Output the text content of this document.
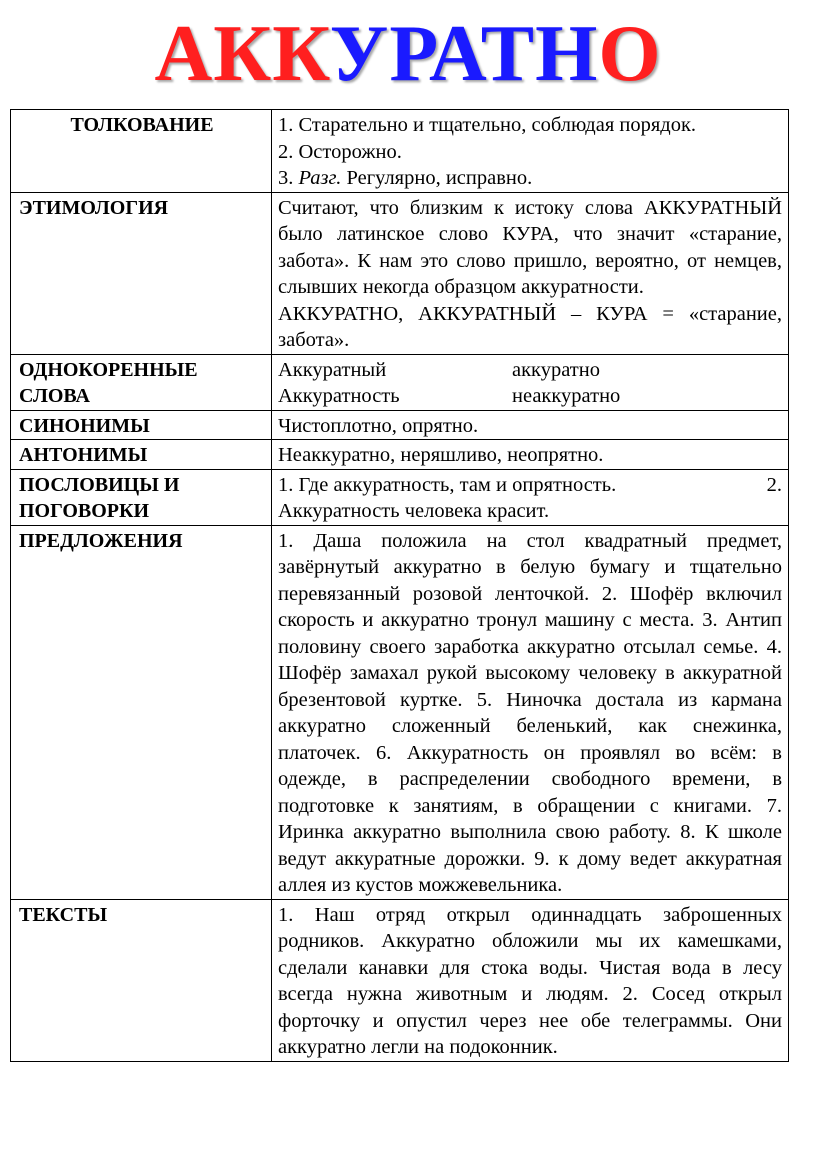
АККУРАТНО
ТОЛКОВАНИЕ	1. Старательно и тщательно, соблюдая порядок.
2. Осторожно.
3. Разг. Регулярно, исправно.

ЭТИМОЛОГИЯ	Считают, что близким к истоку слова АККУРАТНЫЙ было латинское слово КУРА, что значит «старание, забота». К нам это слово пришло, вероятно, от немцев, слывших некогда образцом аккуратности.
АККУРАТНО, АККУРАТНЫЙ – КУРА = «старание, забота».

ОДНОКОРЕННЫЕ СЛОВА	Аккуратный аккуратно
Аккуратность неаккуратно

СИНОНИМЫ	Чистоплотно, опрятно.
АНТОНИМЫ	Неаккуратно, неряшливо, неопрятно.
ПОСЛОВИЦЫ И ПОГОВОРКИ	1. Где аккуратность, там и опрятность. 2.
Аккуратность человека красит.

ПРЕДЛОЖЕНИЯ	1. Даша положила на стол квадратный предмет, завёрнутый аккуратно в белую бумагу и тщательно перевязанный розовой ленточкой. 2. Шофёр включил скорость и аккуратно тронул машину с места. 3. Антип половину своего заработка аккуратно отсылал семье. 4. Шофёр замахал рукой высокому человеку в аккуратной брезентовой куртке. 5. Ниночка достала из кармана аккуратно сложенный беленький, как снежинка, платочек. 6. Аккуратность он проявлял во всём: в одежде, в распределении свободного времени, в подготовке к занятиям, в обращении с книгами. 7. Иринка аккуратно выполнила свою работу. 8. К школе ведут аккуратные дорожки. 9. к дому ведет аккуратная аллея из кустов можжевельника.
ТЕКСТЫ	1. Наш отряд открыл одиннадцать заброшенных родников. Аккуратно обложили мы их камешками, сделали канавки для стока воды. Чистая вода в лесу всегда нужна животным и людям. 2. Сосед открыл форточку и опустил через нее обе телеграммы. Они аккуратно легли на подоконник.
